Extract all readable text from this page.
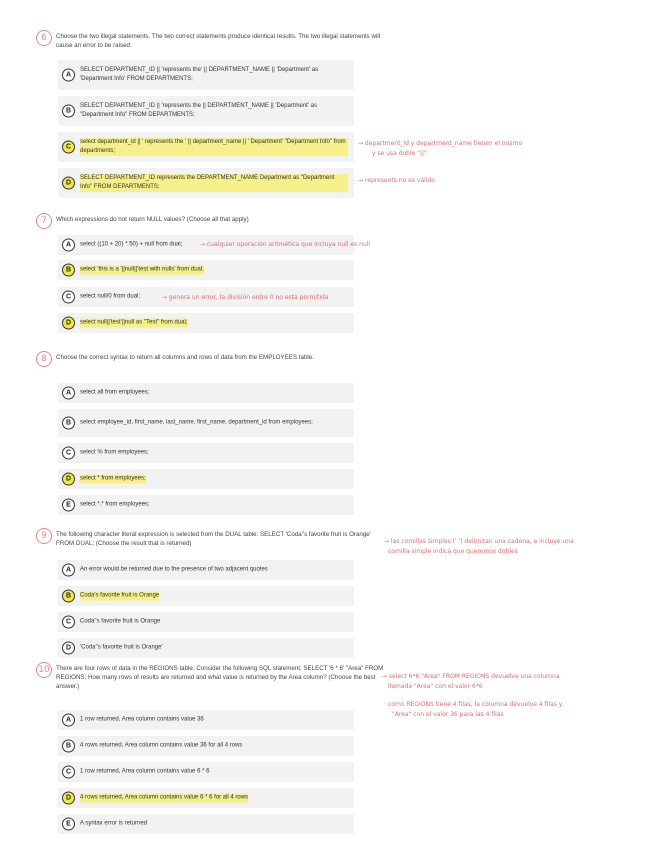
6	Choose the two illegal statements. The two correct statements produce identical results. The two illegal statements will cause an error to be raised:
A
SELECT DEPARTMENT_ID || 'represents the' || DEPARTMENT_NAME || 'Department' as 'Department Info' FROM DEPARTMENTS;
B
SELECT DEPARTMENT_ID || 'represents the || DEPARTMENT_NAME || 'Department' as "Department Info" FROM DEPARTMENTS;
C
select department_id || ' represents the ' || department_name || ' Department' "Department Info" from departments;
D
SELECT DEPARTMENT_ID represents the DEPARTMENT_NAME Department as "Department Info" FROM DEPARTMENTS;
→ department_id y department_name tienen el mismo
y se usa doble "||"
→ represents no es válido
7	Which expressions do not return NULL values? (Choose all that apply)
A	select ((10 + 20) * 50) + null from dual;
B	select 'this is a '||null||'test with nulls' from dual;
C	select null/0 from dual;
D	select null||'test'||null as "Test" from dual;
→ cualquier operación aritmética que incluya null es null
→ genera un error, la división entre 0 no está permitida
8	Choose the correct syntax to return all columns and rows of data from the EMPLOYEES table.
A	select all from employees;
B	select employee_id, first_name, last_name, first_name, department_id from employees;
C	select % from employees;
D	select * from employees;
E	select *.* from employees;
9	The following character literal expression is selected from the DUAL table: SELECT 'Coda''s favorite fruit is Orange' FROM DUAL; (Choose the result that is returned)
A	An error would be returned due to the presence of two adjacent quotes
B	Coda's favorite fruit is Orange
C	Coda''s favorite fruit is Orange
D	'Coda''s favorite fruit is Orange'
→ las comillas simples (' ') delimitan una cadena, e incluye una
comilla simple indica que queremos dobles
10	There are four rows of data in the REGIONS table. Consider the following SQL statement: SELECT '6 * 6' "Area" FROM REGIONS; How many rows of results are returned and what value is returned by the Area column? (Choose the best answer.)
A	1 row returned, Area column contains value 36
B	4 rows returned, Area column contains value 36 for all 4 rows
C	1 row returned, Area column contains value 6 * 6
D	4 rows returned, Area column contains value 6 * 6 for all 4 rows
E	A syntax error is returned
→ select 6*6 "Area" FROM REGIONS devuelve una columna
llamada "Area" con el valor 6*6
como REGIONS tiene 4 filas, la columna devuelve 4 filas y
"Area" con el valor 36 para las 4 filas
